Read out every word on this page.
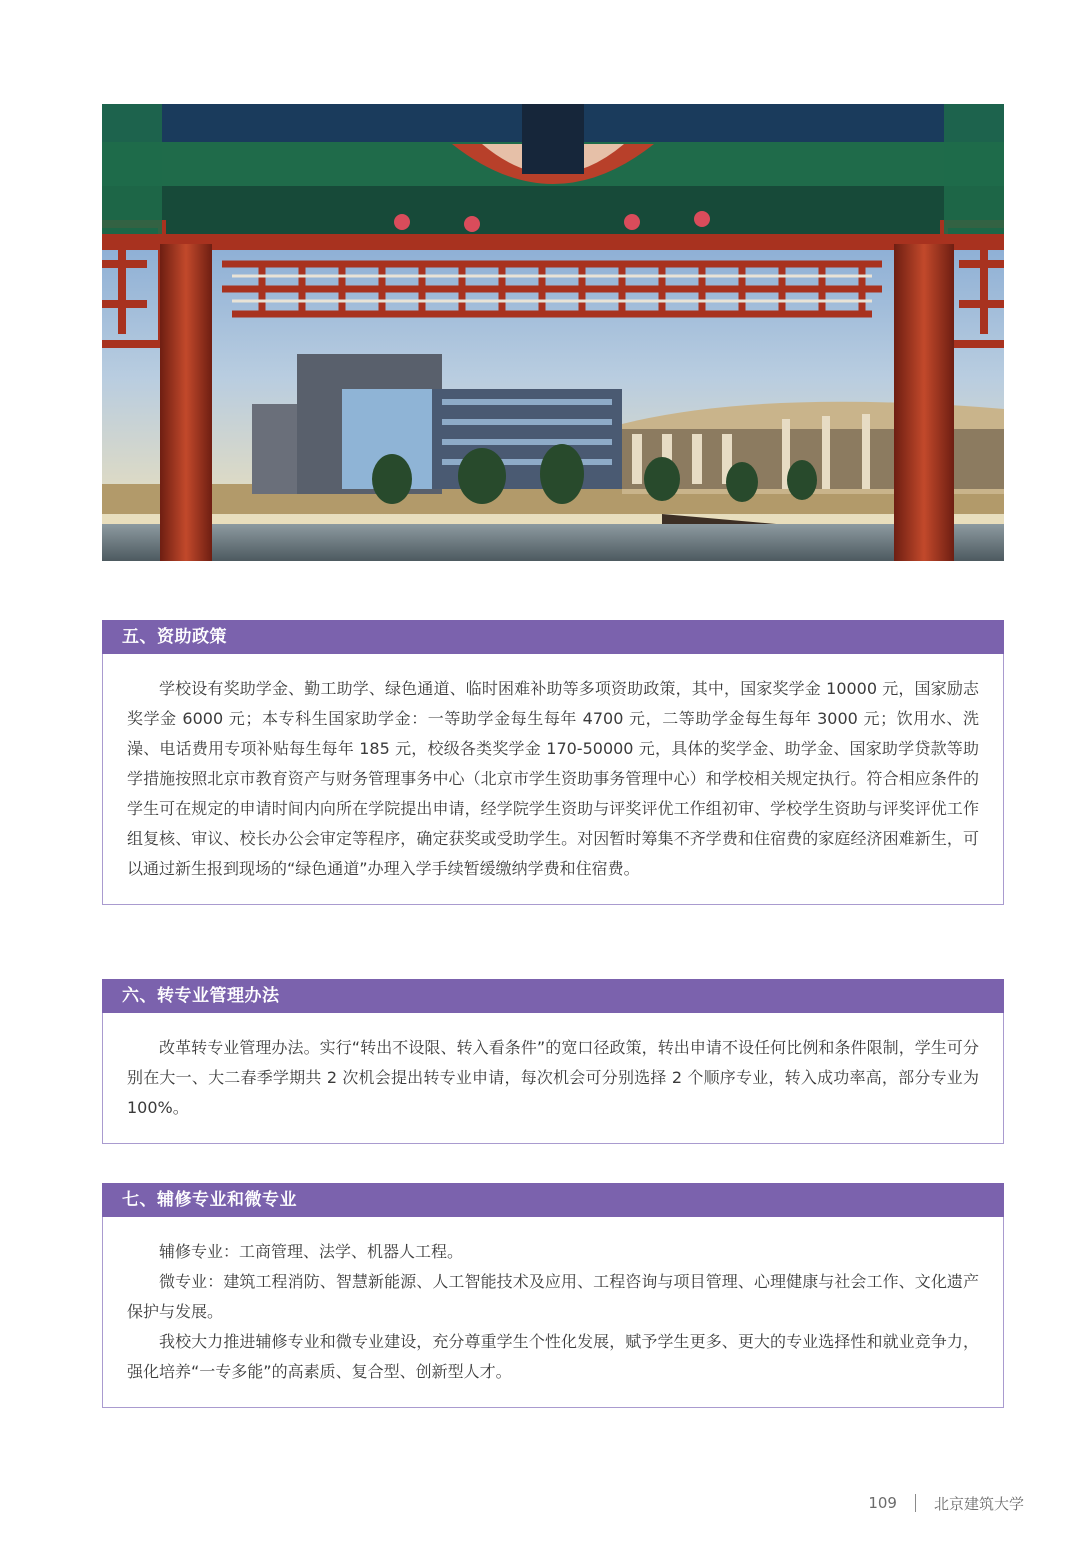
五、资助政策

学校设有奖助学金、勤工助学、绿色通道、临时困难补助等多项资助政策，其中，国家奖学金 10000 元，国家励志奖学金 6000 元；本专科生国家助学金：一等助学金每生每年 4700 元，二等助学金每生每年 3000 元；饮用水、洗澡、电话费用专项补贴每生每年 185 元，校级各类奖学金 170-50000 元，具体的奖学金、助学金、国家助学贷款等助学措施按照北京市教育资产与财务管理事务中心（北京市学生资助事务管理中心）和学校相关规定执行。符合相应条件的学生可在规定的申请时间内向所在学院提出申请，经学院学生资助与评奖评优工作组初审、学校学生资助与评奖评优工作组复核、审议、校长办公会审定等程序，确定获奖或受助学生。对因暂时筹集不齐学费和住宿费的家庭经济困难新生，可以通过新生报到现场的“绿色通道”办理入学手续暂缓缴纳学费和住宿费。

六、转专业管理办法

改革转专业管理办法。实行“转出不设限、转入看条件”的宽口径政策，转出申请不设任何比例和条件限制，学生可分别在大一、大二春季学期共 2 次机会提出转专业申请，每次机会可分别选择 2 个顺序专业，转入成功率高，部分专业为 100%。

七、辅修专业和微专业

辅修专业：工商管理、法学、机器人工程。

微专业：建筑工程消防、智慧新能源、人工智能技术及应用、工程咨询与项目管理、心理健康与社会工作、文化遗产保护与发展。

我校大力推进辅修专业和微专业建设，充分尊重学生个性化发展，赋予学生更多、更大的专业选择性和就业竞争力，强化培养“一专多能”的高素质、复合型、创新型人才。

109 北京建筑大学
